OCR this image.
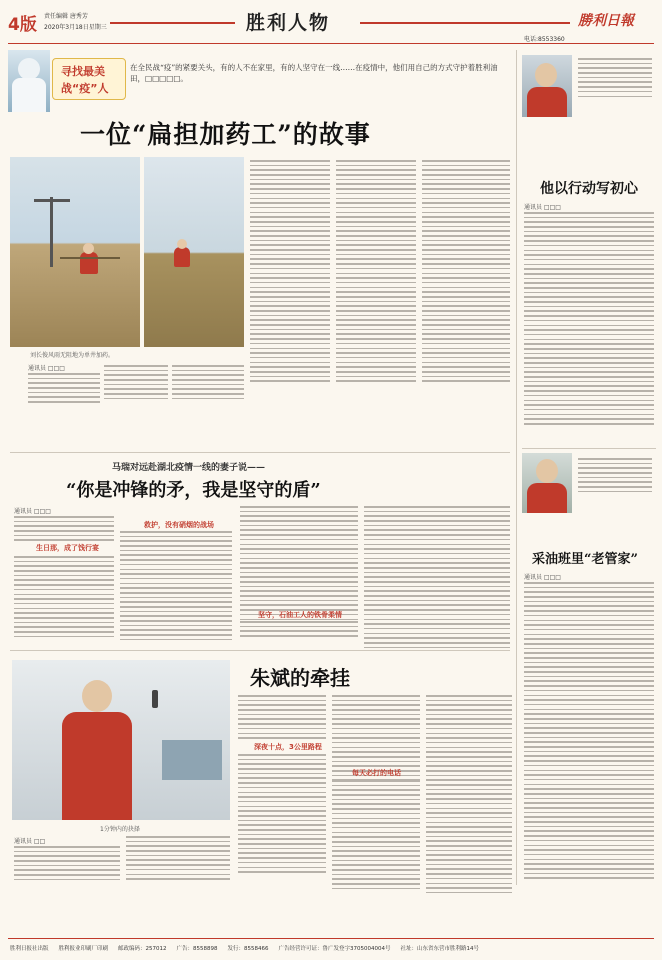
4版 责任编辑 唐秀芳
2020年3月18日星期三	胜利人物
电话:8553360
勝利日報
寻找最美
战“疫”人
在全民战“疫”的紧要关头，有的人不在家里，有的人坚守在一线……在疫情中，他们用自己的方式守护着胜利油田，□□□□□。
一位“扁担加药工”的故事
刘长俊风雨无阻地为单井加药。
通讯员 □□□
他以行动写初心
通讯员 □□□
采油班里“老管家”
通讯员 □□□
马瑞对远赴湖北疫情一线的妻子说——
“你是冲锋的矛，我是坚守的盾”
通讯员 □□□
生日那，成了饯行宴
救护，没有硝烟的战场
坚守，石油工人的铁骨柔情
朱斌的牵挂
1分钟内的抉择
通讯员 □□
深夜十点，3公里路程
每天必打的电话
胜利日报社出版 胜利报业印刷厂印刷 邮政编码：257012 广告：8558898 发行：8558466 广告经营许可证：鲁广发登字3705004004号 社址：山东省东营市胜利路14号
